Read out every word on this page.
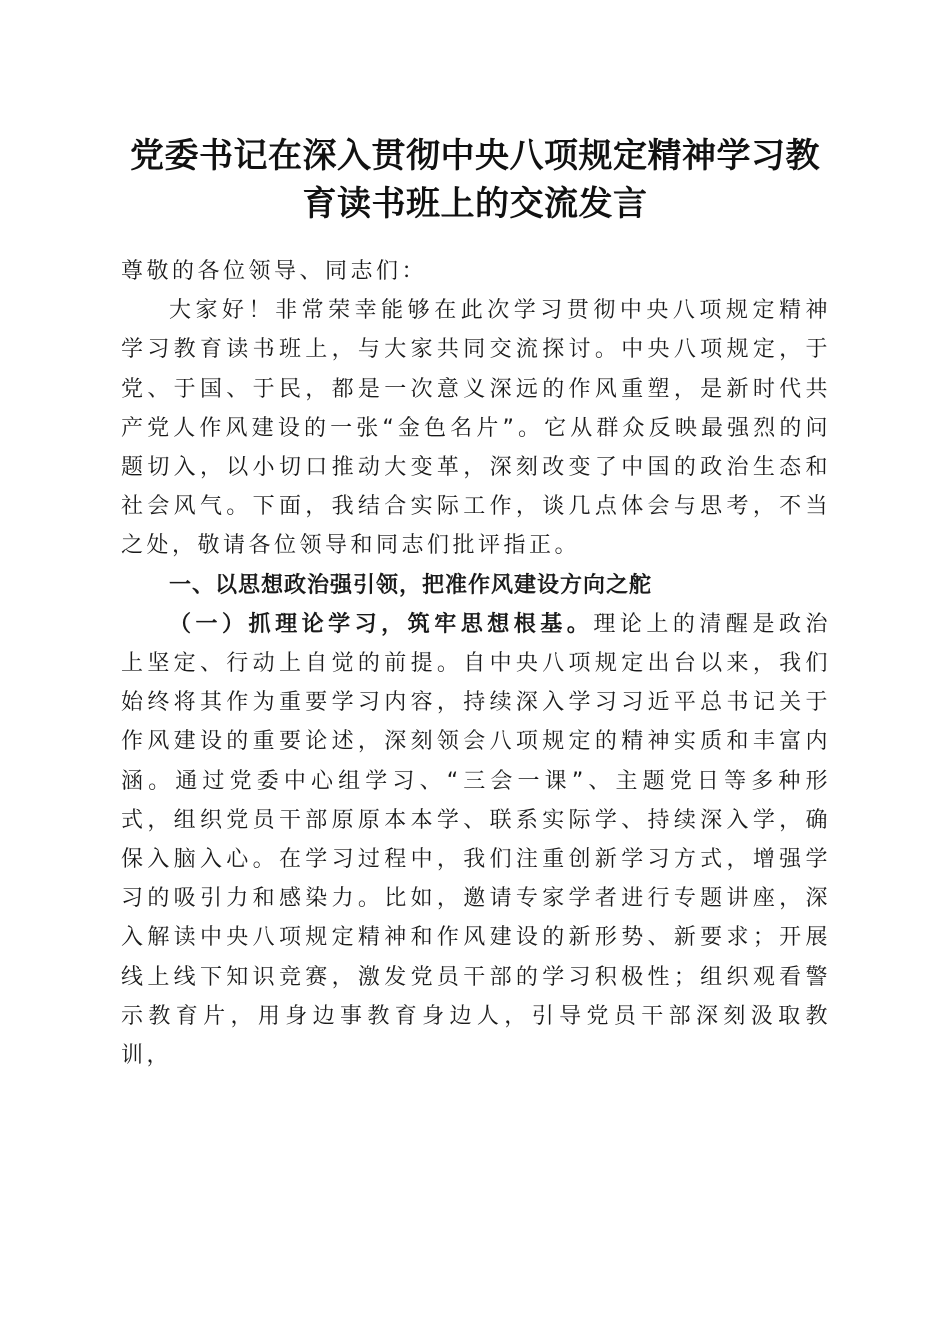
党委书记在深入贯彻中央八项规定精神学习教
育读书班上的交流发言

尊敬的各位领导、同志们：

大家好！非常荣幸能够在此次学习贯彻中央八项规定精神学习教育读书班上，与大家共同交流探讨。中央八项规定，于党、于国、于民，都是一次意义深远的作风重塑，是新时代共产党人作风建设的一张“金色名片”。它从群众反映最强烈的问题切入，以小切口推动大变革，深刻改变了中国的政治生态和社会风气。下面，我结合实际工作，谈几点体会与思考，不当之处，敬请各位领导和同志们批评指正。

一、以思想政治强引领，把准作风建设方向之舵

（一）抓理论学习，筑牢思想根基。理论上的清醒是政治上坚定、行动上自觉的前提。自中央八项规定出台以来，我们始终将其作为重要学习内容，持续深入学习习近平总书记关于作风建设的重要论述，深刻领会八项规定的精神实质和丰富内涵。通过党委中心组学习、“三会一课”、主题党日等多种形式，组织党员干部原原本本学、联系实际学、持续深入学，确保入脑入心。在学习过程中，我们注重创新学习方式，增强学习的吸引力和感染力。比如，邀请专家学者进行专题讲座，深入解读中央八项规定精神和作风建设的新形势、新要求；开展线上线下知识竞赛，激发党员干部的学习积极性；组织观看警示教育片，用身边事教育身边人，引导党员干部深刻汲取教训，
